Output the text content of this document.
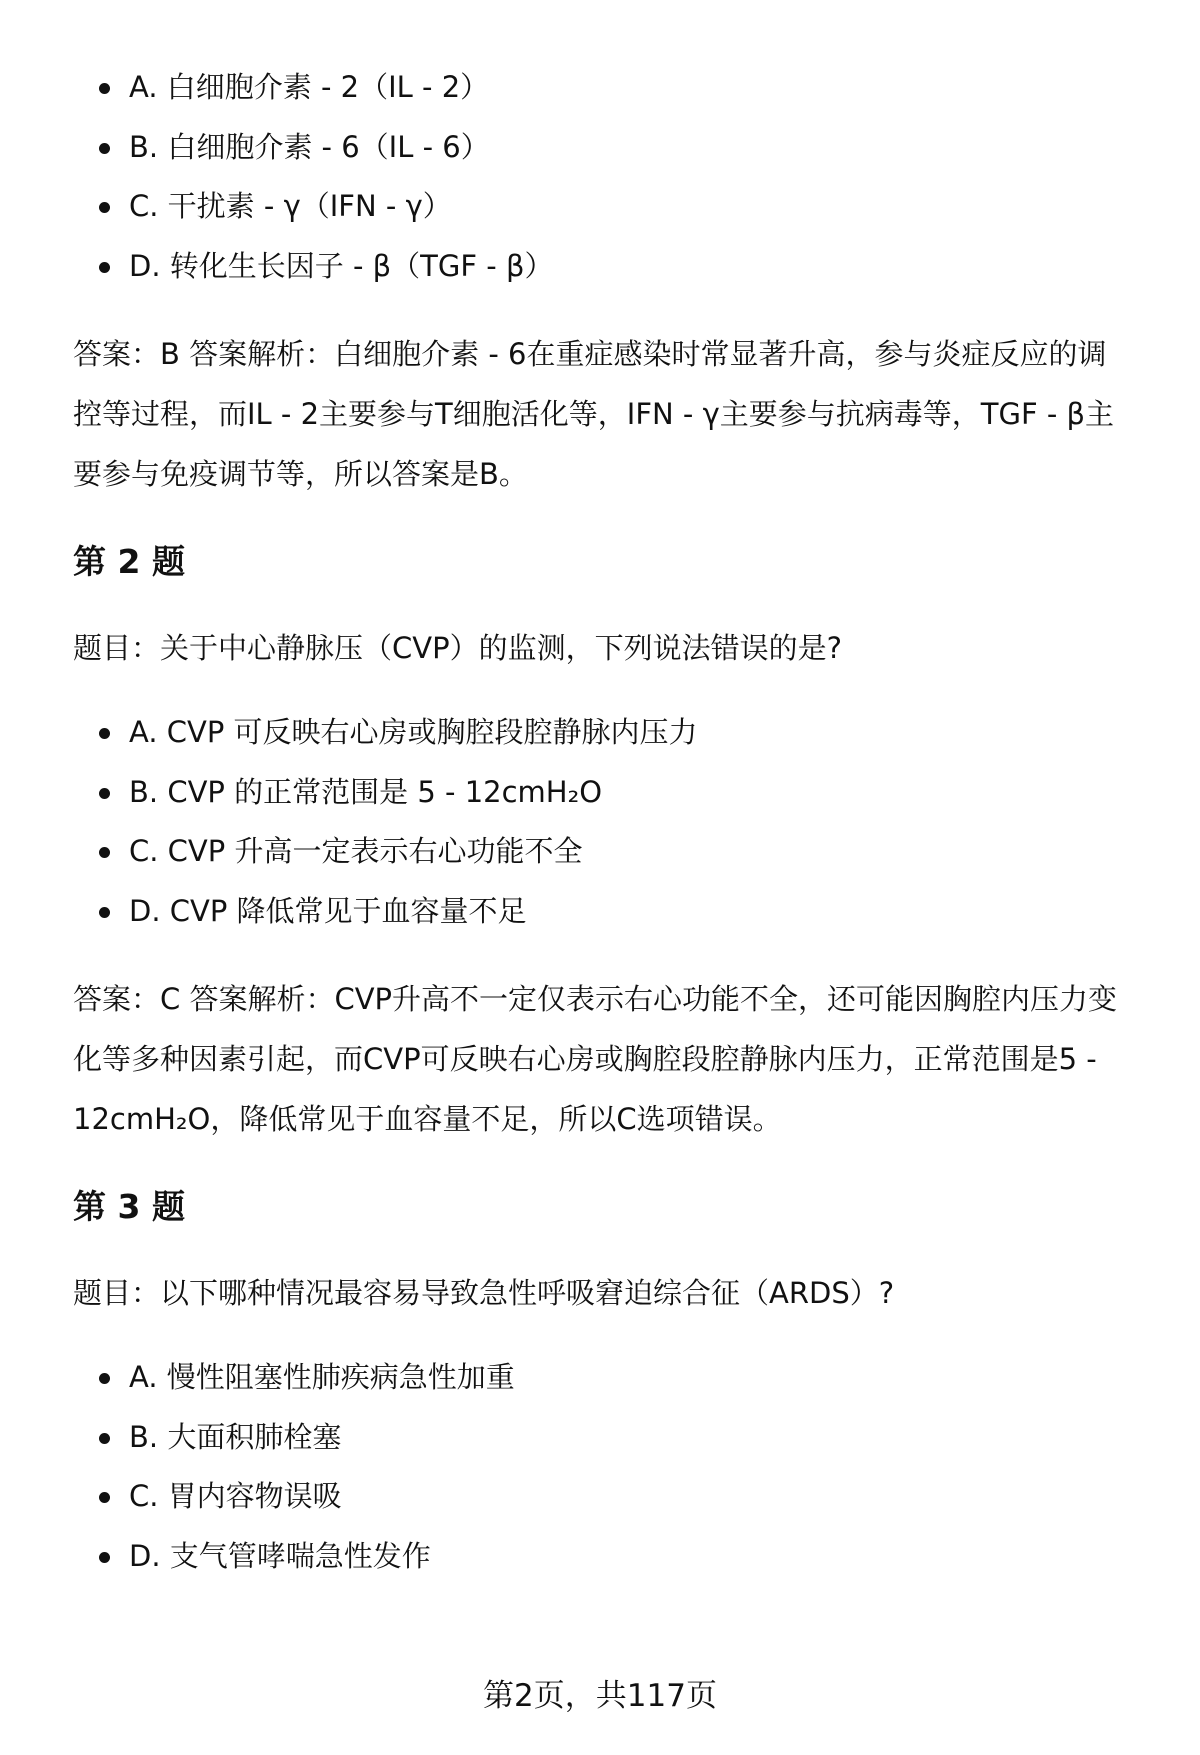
A. 白细胞介素 - 2（IL - 2）
B. 白细胞介素 - 6（IL - 6）
C. 干扰素 - γ（IFN - γ）
D. 转化生长因子 - β（TGF - β）

答案：B 答案解析：白细胞介素 - 6在重症感染时常显著升高，参与炎症反应的调
控等过程，而IL - 2主要参与T细胞活化等，IFN - γ主要参与抗病毒等，TGF - β主
要参与免疫调节等，所以答案是B。

第 2 题

题目：关于中心静脉压（CVP）的监测，下列说法错误的是?

A. CVP 可反映右心房或胸腔段腔静脉内压力
B. CVP 的正常范围是 5 - 12cmH₂O
C. CVP 升高一定表示右心功能不全
D. CVP 降低常见于血容量不足

答案：C 答案解析：CVP升高不一定仅表示右心功能不全，还可能因胸腔内压力变
化等多种因素引起，而CVP可反映右心房或胸腔段腔静脉内压力，正常范围是5 -
12cmH₂O，降低常见于血容量不足，所以C选项错误。

第 3 题

题目：以下哪种情况最容易导致急性呼吸窘迫综合征（ARDS）?

A. 慢性阻塞性肺疾病急性加重
B. 大面积肺栓塞
C. 胃内容物误吸
D. 支气管哮喘急性发作
第2页，共117页
